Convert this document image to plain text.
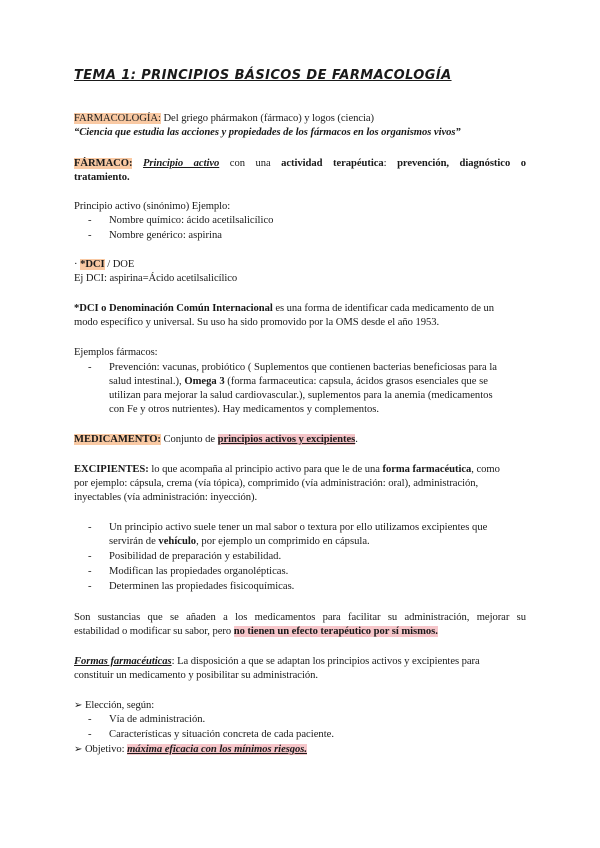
TEMA 1: PRINCIPIOS BÁSICOS DE FARMACOLOGÍA
FARMACOLOGÍA: Del griego phármakon (fármaco) y logos (ciencia)
“Ciencia que estudia las acciones y propiedades de los fármacos en los organismos vivos”
FÁRMACO: Principio activo con una actividad terapéutica: prevención, diagnóstico o
tratamiento.
Principio activo (sinónimo) Ejemplo:
- Nombre químico: ácido acetilsalicílico
- Nombre genérico: aspirina
· *DCI / DOE
Ej DCI: aspirina=Ácido acetilsalicílico
*DCI o Denominación Común Internacional es una forma de identificar cada medicamento de un
modo específico y universal. Su uso ha sido promovido por la OMS desde el año 1953.
Ejemplos fármacos:
- Prevención: vacunas, probiótico ( Suplementos que contienen bacterias beneficiosas para la
salud intestinal.), Omega 3 (forma farmaceutica: capsula, ácidos grasos esenciales que se
utilizan para mejorar la salud cardiovascular.), suplementos para la anemia (medicamentos
con Fe y otros nutrientes). Hay medicamentos y complementos.
MEDICAMENTO: Conjunto de principios activos y excipientes.
EXCIPIENTES: lo que acompaña al principio activo para que le de una forma farmacéutica, como
por ejemplo: cápsula, crema (vía tópica), comprimido (vía administración: oral), administración,
inyectables (vía administración: inyección).
- Un principio activo suele tener un mal sabor o textura por ello utilizamos excipientes que
servirán de vehículo, por ejemplo un comprimido en cápsula.
- Posibilidad de preparación y estabilidad.
- Modifican las propiedades organolépticas.
- Determinen las propiedades fisicoquímicas.
Son sustancias que se añaden a los medicamentos para facilitar su administración, mejorar su
estabilidad o modificar su sabor, pero no tienen un efecto terapéutico por sí mismos.
Formas farmacéuticas: La disposición a que se adaptan los principios activos y excipientes para
constituir un medicamento y posibilitar su administración.
➢ Elección, según:
- Vía de administración.
- Características y situación concreta de cada paciente.
➢ Objetivo: máxima eficacia con los mínimos riesgos.
